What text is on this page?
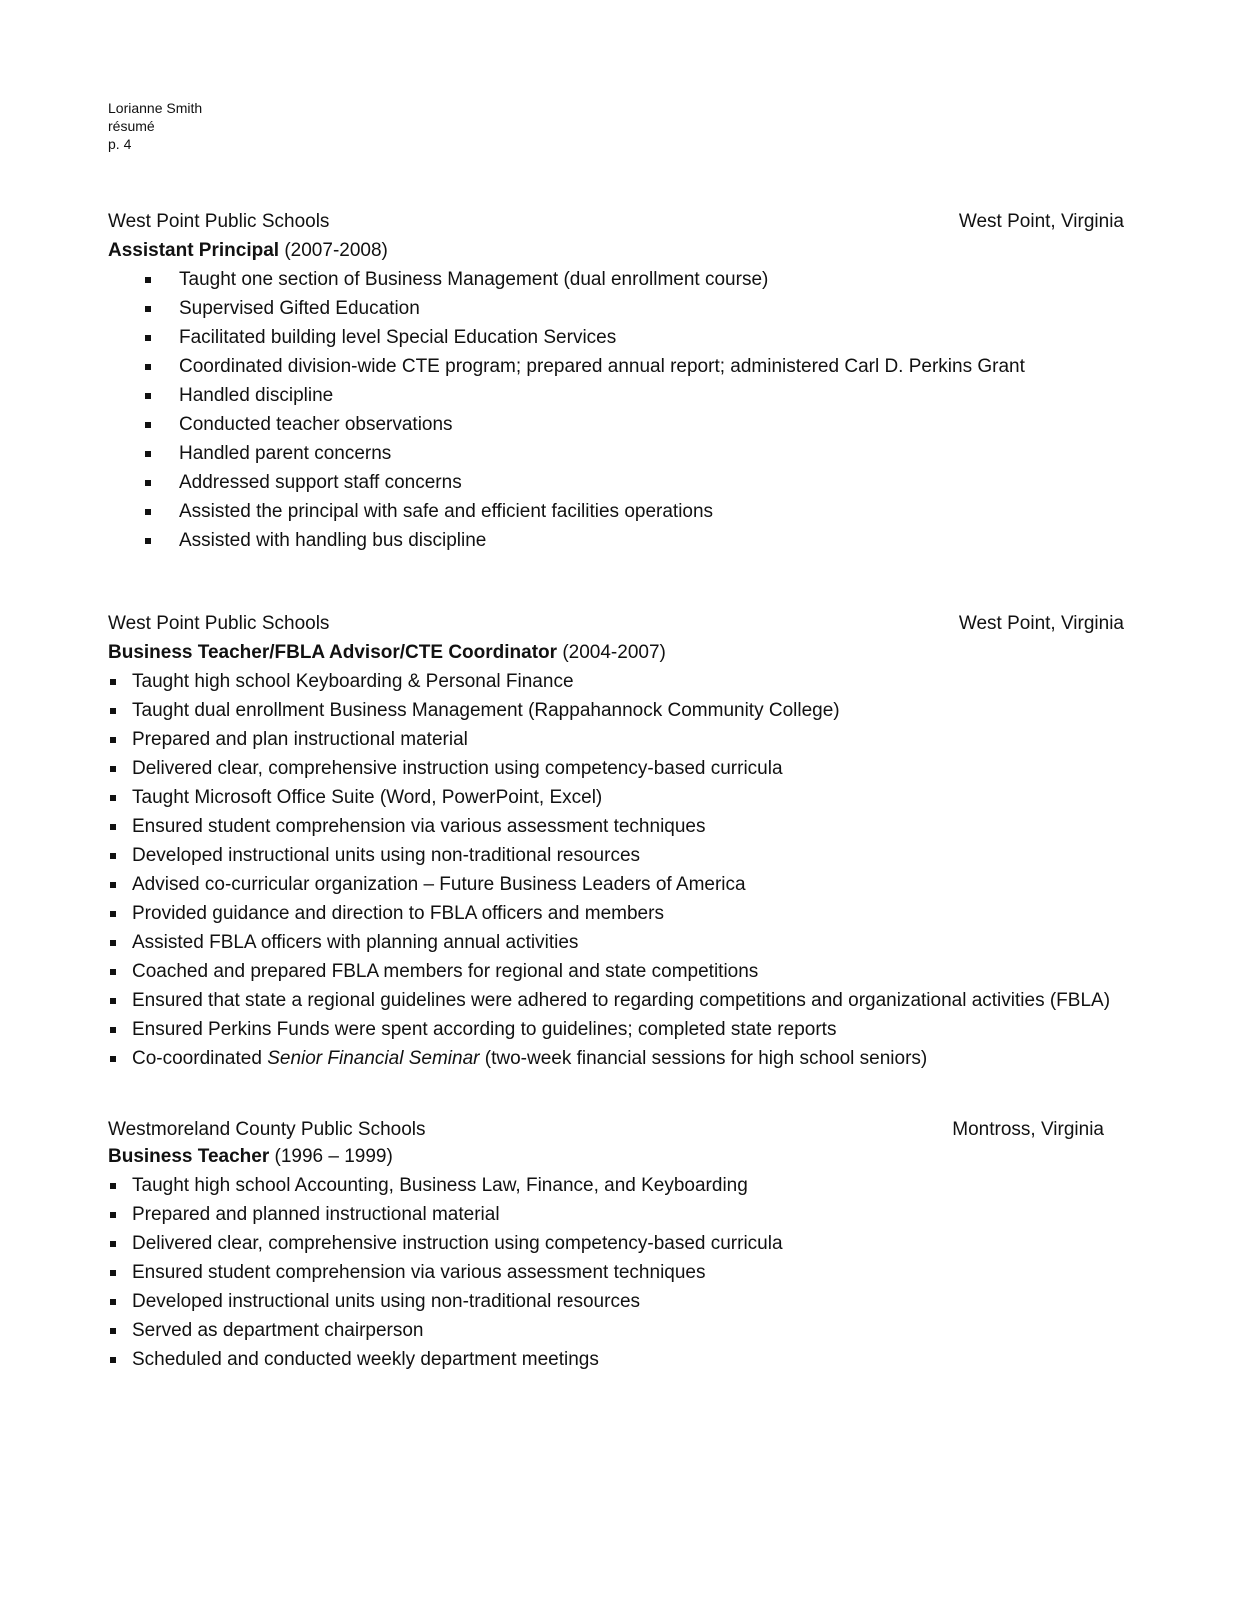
Lorianne Smith
résumé
p. 4
West Point Public Schools	West Point, Virginia
Assistant Principal (2007-2008)
Taught one section of Business Management (dual enrollment course)
Supervised Gifted Education
Facilitated building level Special Education Services
Coordinated division-wide CTE program; prepared annual report; administered Carl D. Perkins Grant
Handled discipline
Conducted teacher observations
Handled parent concerns
Addressed support staff concerns
Assisted the principal with safe and efficient facilities operations
Assisted with handling bus discipline
West Point Public Schools	West Point, Virginia
Business Teacher/FBLA Advisor/CTE Coordinator (2004-2007)
Taught high school Keyboarding & Personal Finance
Taught dual enrollment Business Management (Rappahannock Community College)
Prepared and plan instructional material
Delivered clear, comprehensive instruction using competency-based curricula
Taught Microsoft Office Suite (Word, PowerPoint, Excel)
Ensured student comprehension via various assessment techniques
Developed instructional units using non-traditional resources
Advised co-curricular organization – Future Business Leaders of America
Provided guidance and direction to FBLA officers and members
Assisted FBLA officers with planning annual activities
Coached and prepared FBLA members for regional and state competitions
Ensured that state a regional guidelines were adhered to regarding competitions and organizational activities (FBLA)
Ensured Perkins Funds were spent according to guidelines; completed state reports
Co-coordinated Senior Financial Seminar (two-week financial sessions for high school seniors)
Westmoreland County Public Schools	Montross, Virginia
Business Teacher (1996 – 1999)
Taught high school Accounting, Business Law, Finance, and Keyboarding
Prepared and planned instructional material
Delivered clear, comprehensive instruction using competency-based curricula
Ensured student comprehension via various assessment techniques
Developed instructional units using non-traditional resources
Served as department chairperson
Scheduled and conducted weekly department meetings
